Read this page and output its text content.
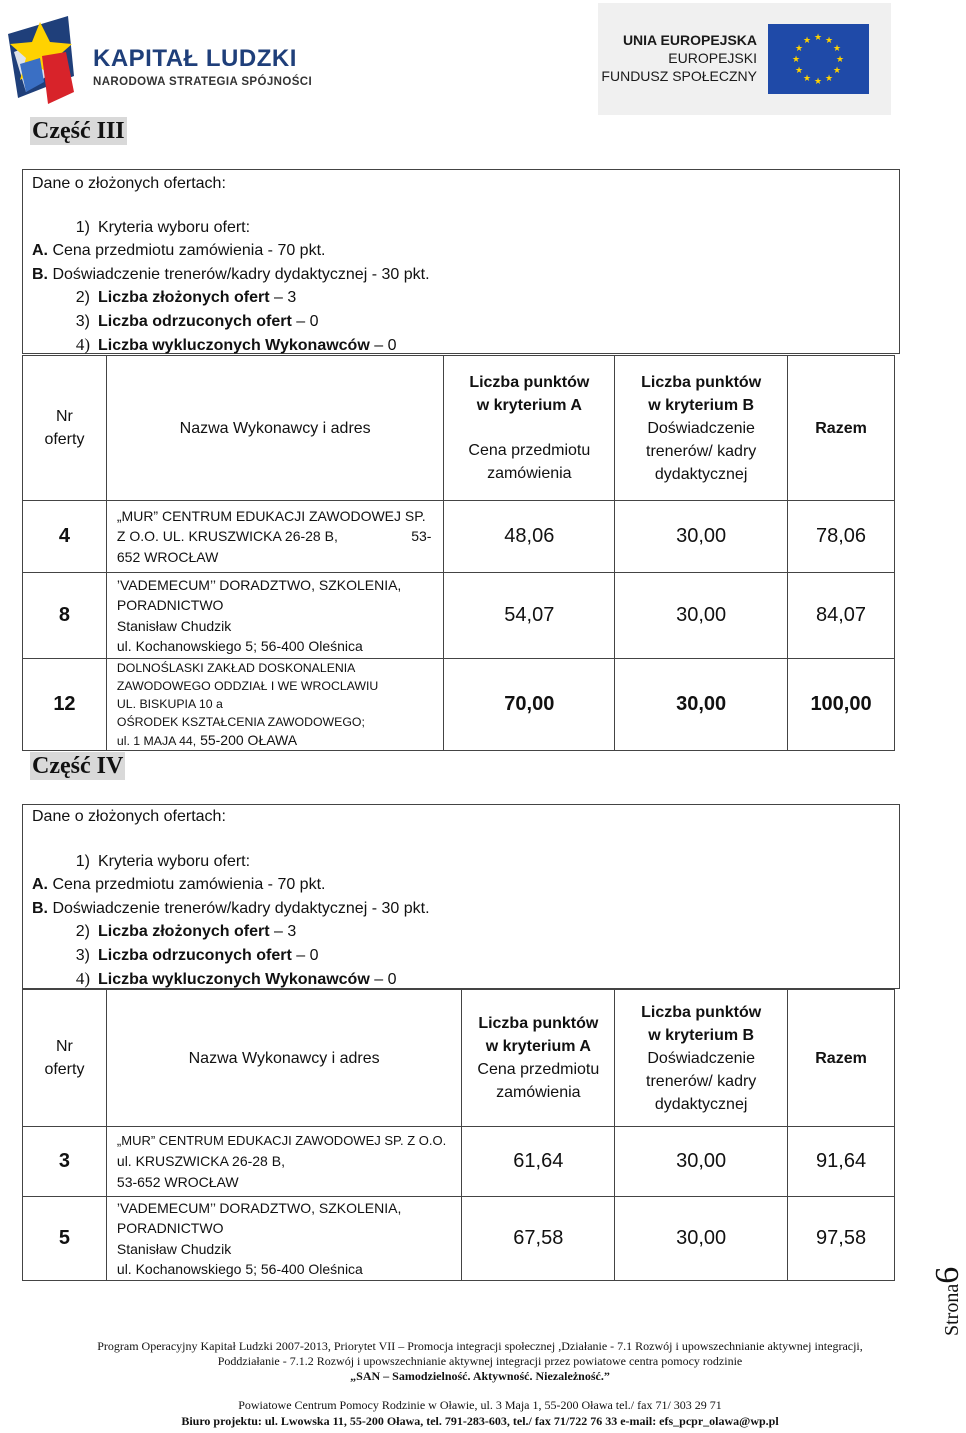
KAPITAŁ LUDZKI
NARODOWA STRATEGIA SPÓJNOŚCI
UNIA EUROPEJSKA
EUROPEJSKI
FUNDUSZ SPOŁECZNY
★ ★
★
★
★
★
★
★
★
★
★
★
Część III
Dane o złożonych ofertach:
1) Kryteria wyboru ofert:
A. Cena przedmiotu zamówienia - 70 pkt.
B. Doświadczenie trenerów/kadry dydaktycznej - 30 pkt.
2) Liczba złożonych ofert – 3
3) Liczba odrzuconych ofert – 0
4) Liczba wykluczonych Wykonawców – 0
Nr
oferty	Nazwa Wykonawcy i adres	Liczba punktów
w kryterium A

Cena przedmiotu
zamówienia	Liczba punktów
w kryterium B
Doświadczenie
trenerów/ kadry
dydaktycznej	Razem
4	„MUR” CENTRUM EDUKACJI ZAWODOWEJ SP.
Z O.O. UL. KRUSZWICKA 26-28 B, 53-
652 WROCŁAW	48,06	30,00	78,06
8	’VADEMECUM’’ DORADZTWO, SZKOLENIA,
PORADNICTWO
Stanisław Chudzik
ul. Kochanowskiego 5; 56-400 Oleśnica	54,07	30,00	84,07
12	DOLNOŚLASKI ZAKŁAD DOSKONALENIA
ZAWODOWEGO ODDZIAŁ I WE WROCLAWIU
UL. BISKUPIA 10 a
OŚRODEK KSZTAŁCENIA ZAWODOWEGO;
ul. 1 MAJA 44, 55-200 OŁAWA	70,00	30,00	100,00
Część IV
Dane o złożonych ofertach:
1) Kryteria wyboru ofert:
A. Cena przedmiotu zamówienia - 70 pkt.
B. Doświadczenie trenerów/kadry dydaktycznej - 30 pkt.
2) Liczba złożonych ofert – 3
3) Liczba odrzuconych ofert – 0
4) Liczba wykluczonych Wykonawców – 0
Nr
oferty	Nazwa Wykonawcy i adres	Liczba punktów
w kryterium A
Cena przedmiotu
zamówienia	Liczba punktów
w kryterium B
Doświadczenie
trenerów/ kadry
dydaktycznej	Razem
3	„MUR” CENTRUM EDUKACJI ZAWODOWEJ SP. Z O.O.
ul. KRUSZWICKA 26-28 B,
53-652 WROCŁAW	61,64	30,00	91,64
5	’VADEMECUM’’ DORADZTWO, SZKOLENIA,
PORADNICTWO
Stanisław Chudzik
ul. Kochanowskiego 5; 56-400 Oleśnica	67,58	30,00	97,58
Strona6
Program Operacyjny Kapitał Ludzki 2007-2013, Priorytet VII – Promocja integracji społecznej ,Działanie - 7.1 Rozwój i upowszechnianie aktywnej integracji,
Poddziałanie - 7.1.2 Rozwój i upowszechnianie aktywnej integracji przez powiatowe centra pomocy rodzinie
„SAN – Samodzielność. Aktywność. Niezależność.”
Powiatowe Centrum Pomocy Rodzinie w Oławie, ul. 3 Maja 1, 55-200 Oława tel./ fax 71/ 303 29 71
Biuro projektu: ul. Lwowska 11, 55-200 Oława, tel. 791-283-603, tel./ fax 71/722 76 33 e-mail: efs_pcpr_olawa@wp.pl
